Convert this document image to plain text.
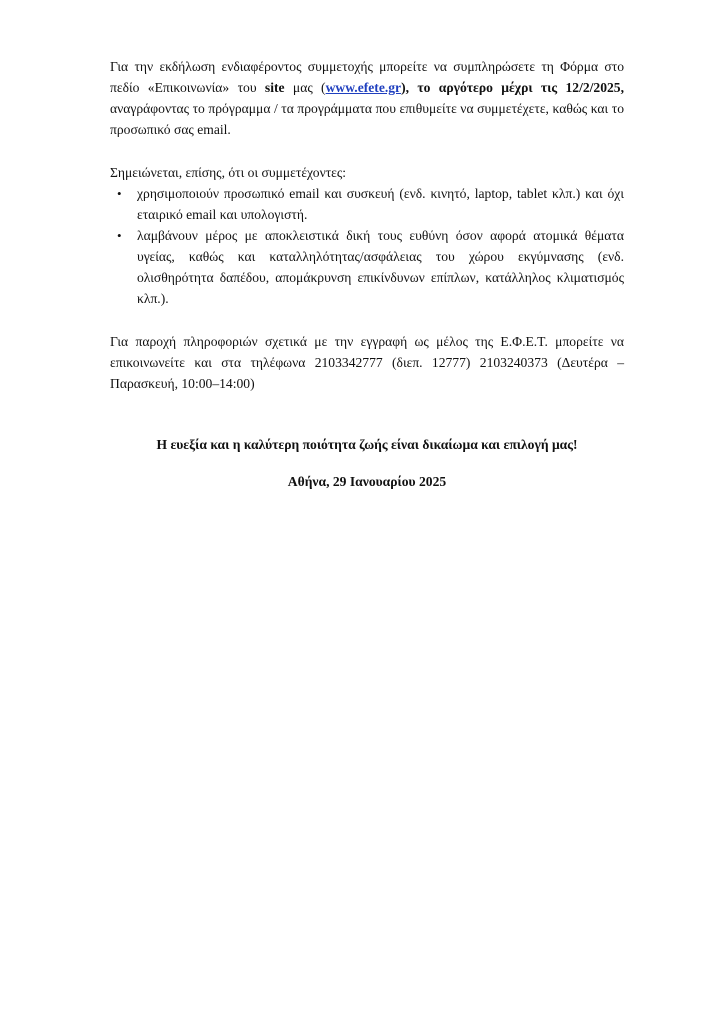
Για την εκδήλωση ενδιαφέροντος συμμετοχής μπορείτε να συμπληρώσετε τη Φόρμα στο πεδίο «Επικοινωνία» του site μας (www.efete.gr), το αργότερο μέχρι τις 12/2/2025, αναγράφοντας το πρόγραμμα / τα προγράμματα που επιθυμείτε να συμμετέχετε, καθώς και το προσωπικό σας email.

Σημειώνεται, επίσης, ότι οι συμμετέχοντες:

• χρησιμοποιούν προσωπικό email και συσκευή (ενδ. κινητό, laptop, tablet κλπ.) και όχι εταιρικό email και υπολογιστή.
• λαμβάνουν μέρος με αποκλειστικά δική τους ευθύνη όσον αφορά ατομικά θέματα υγείας, καθώς και καταλληλότητας/ασφάλειας του χώρου εκγύμνασης (ενδ. ολισθηρότητα δαπέδου, απομάκρυνση επικίνδυνων επίπλων, κατάλληλος κλιματισμός κλπ.).

Για παροχή πληροφοριών σχετικά με την εγγραφή ως μέλος της Ε.Φ.Ε.Τ. μπορείτε να επικοινωνείτε και στα τηλέφωνα 2103342777 (διεπ. 12777) 2103240373 (Δευτέρα – Παρασκευή, 10:00–14:00)

Η ευεξία και η καλύτερη ποιότητα ζωής είναι δικαίωμα και επιλογή μας!

Αθήνα, 29 Ιανουαρίου 2025
